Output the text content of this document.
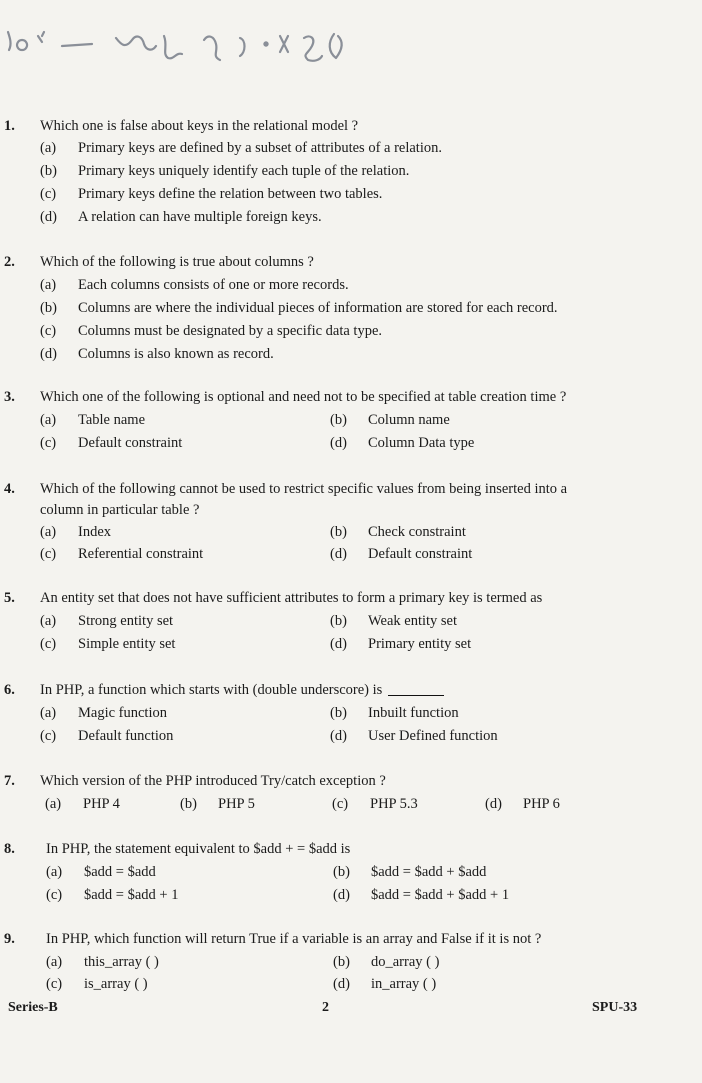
1. Which one is false about keys in the relational model ?
(a) Primary keys are defined by a subset of attributes of a relation.
(b) Primary keys uniquely identify each tuple of the relation.
(c) Primary keys define the relation between two tables.
(d) A relation can have multiple foreign keys.
2. Which of the following is true about columns ?
(a) Each columns consists of one or more records.
(b) Columns are where the individual pieces of information are stored for each record.
(c) Columns must be designated by a specific data type.
(d) Columns is also known as record.
3. Which one of the following is optional and need not to be specified at table creation time ?
(a) Table name	(b) Column name
(c) Default constraint	(d) Column Data type
4. Which of the following cannot be used to restrict specific values from being inserted into a
column in particular table ?
(a) Index	(b) Check constraint
(c) Referential constraint	(d) Default constraint
5. An entity set that does not have sufficient attributes to form a primary key is termed as
(a) Strong entity set	(b) Weak entity set
(c) Simple entity set	(d) Primary entity set
6. In PHP, a function which starts with (double underscore) is
(a) Magic function	(b) Inbuilt function
(c) Default function	(d) User Defined function
7. Which version of the PHP introduced Try/catch exception ?
(a) PHP 4	(b) PHP 5	(c) PHP 5.3	(d) PHP 6
8. In PHP, the statement equivalent to $add + = $add is
(a) $add = $add	(b) $add = $add + $add
(c) $add = $add + 1	(d) $add = $add + $add + 1
9. In PHP, which function will return True if a variable is an array and False if it is not ?
(a) this_array ( )	(b) do_array ( )
(c) is_array ( )	(d) in_array ( )
Series-B	2	SPU-33
